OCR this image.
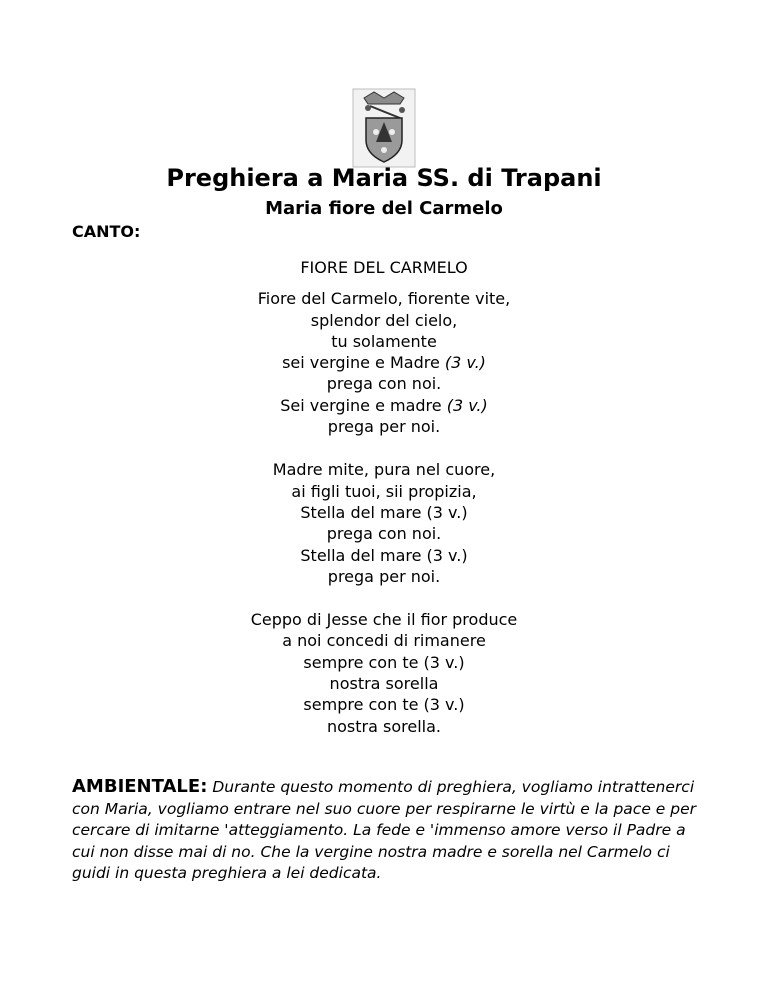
Preghiera a Maria SS. di Trapani
Maria fiore del Carmelo

CANTO:

FIORE DEL CARMELO

Fiore del Carmelo, fiorente vite,
splendor del cielo,
tu solamente
sei vergine e Madre (3 v.)
prega con noi.
Sei vergine e madre (3 v.)
prega per noi.

Madre mite, pura nel cuore,
ai figli tuoi, sii propizia,
Stella del mare (3 v.)
prega con noi.
Stella del mare (3 v.)
prega per noi.

Ceppo di Jesse che il fior produce
a noi concedi di rimanere
sempre con te (3 v.)
nostra sorella
sempre con te (3 v.)
nostra sorella.

AMBIENTALE: Durante questo momento di preghiera, vogliamo intrattenerci con Maria, vogliamo entrare nel suo cuore per respirarne le virtù e la pace e per cercare di imitarne 'atteggiamento. La fede e 'immenso amore verso il Padre a cui non disse mai di no. Che la vergine nostra madre e sorella nel Carmelo ci guidi in questa preghiera a lei dedicata.
